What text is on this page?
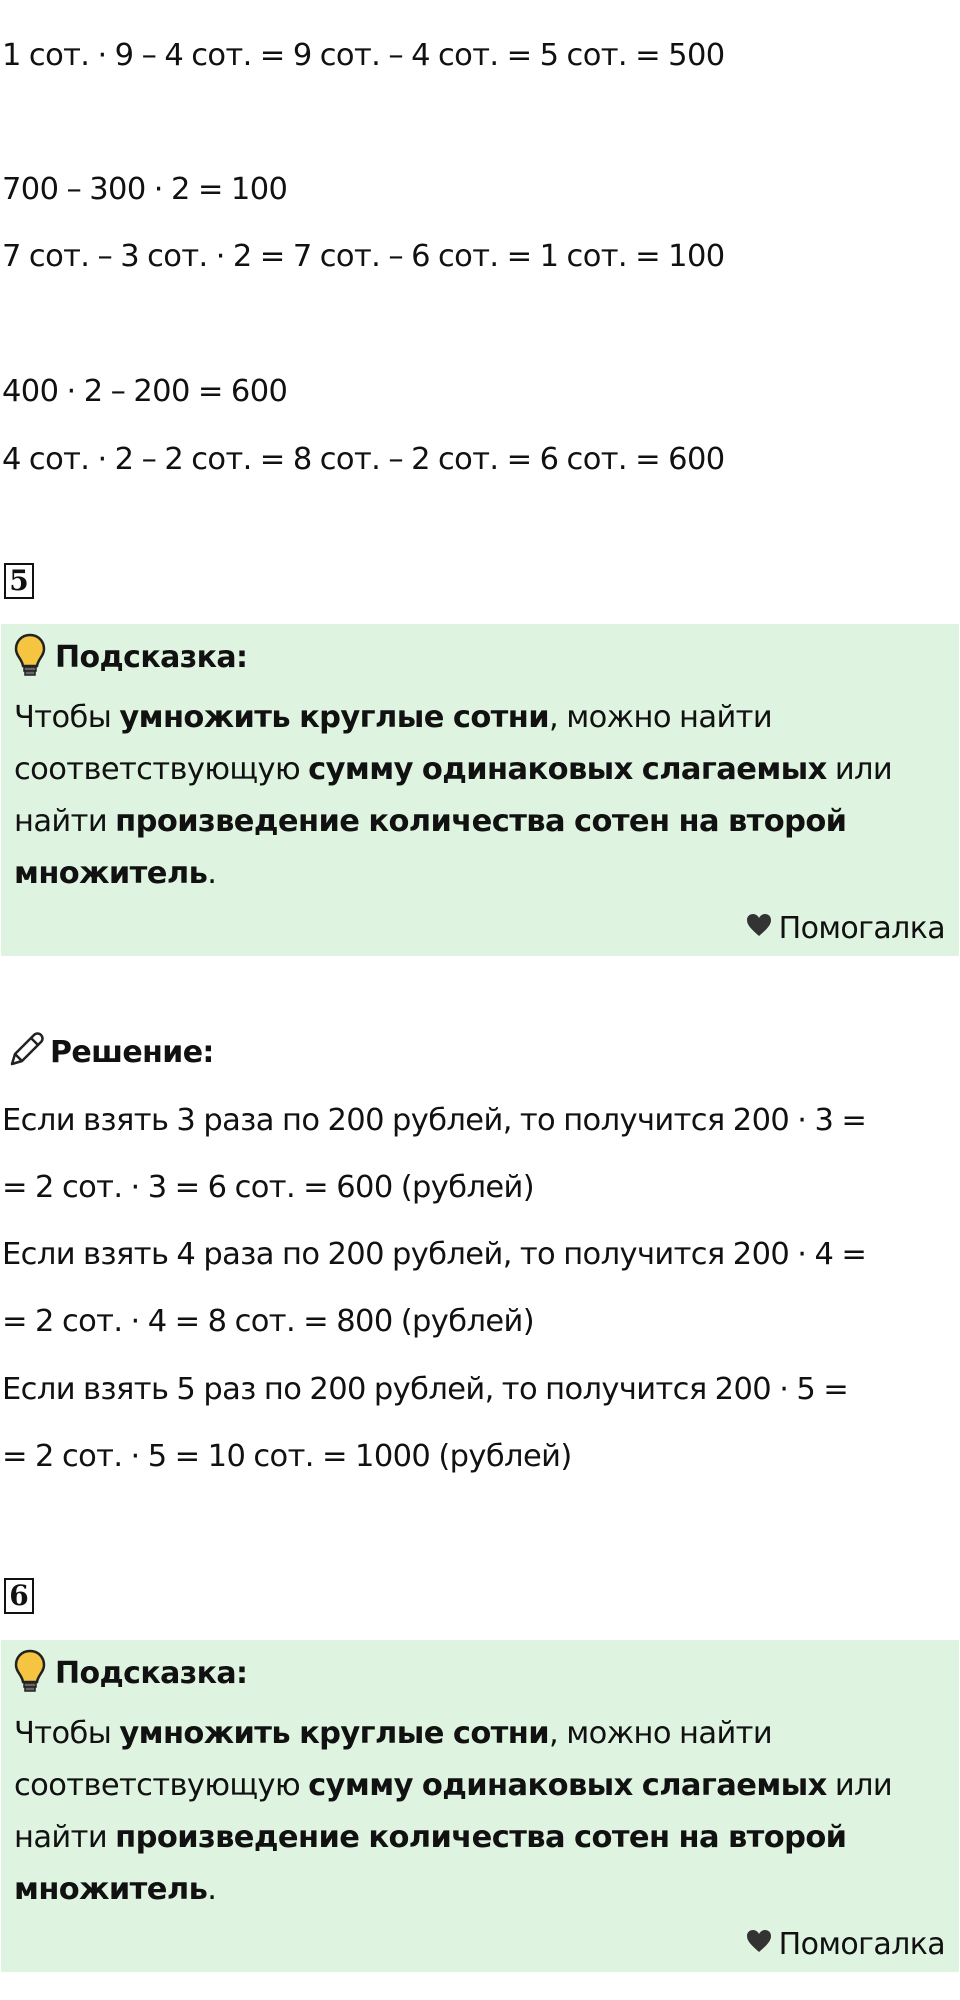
1 сот. · 9 – 4 сот. = 9 сот. – 4 сот. = 5 сот. = 500
700 – 300 · 2 = 100
7 сот. – 3 сот. · 2 = 7 сот. – 6 сот. = 1 сот. = 100
400 · 2 – 200 = 600
4 сот. · 2 – 2 сот. = 8 сот. – 2 сот. = 6 сот. = 600
5
Подсказка:
Чтобы умножить круглые сотни, можно найти соответствующую сумму одинаковых слагаемых или найти произведение количества сотен на второй множитель.
Помогалка
Решение:
Если взять 3 раза по 200 рублей, то получится 200 · 3 =
= 2 сот. · 3 = 6 сот. = 600 (рублей)
Если взять 4 раза по 200 рублей, то получится 200 · 4 =
= 2 сот. · 4 = 8 сот. = 800 (рублей)
Если взять 5 раз по 200 рублей, то получится 200 · 5 =
= 2 сот. · 5 = 10 сот. = 1000 (рублей)
6
Подсказка:
Чтобы умножить круглые сотни, можно найти соответствующую сумму одинаковых слагаемых или найти произведение количества сотен на второй множитель.
Помогалка
